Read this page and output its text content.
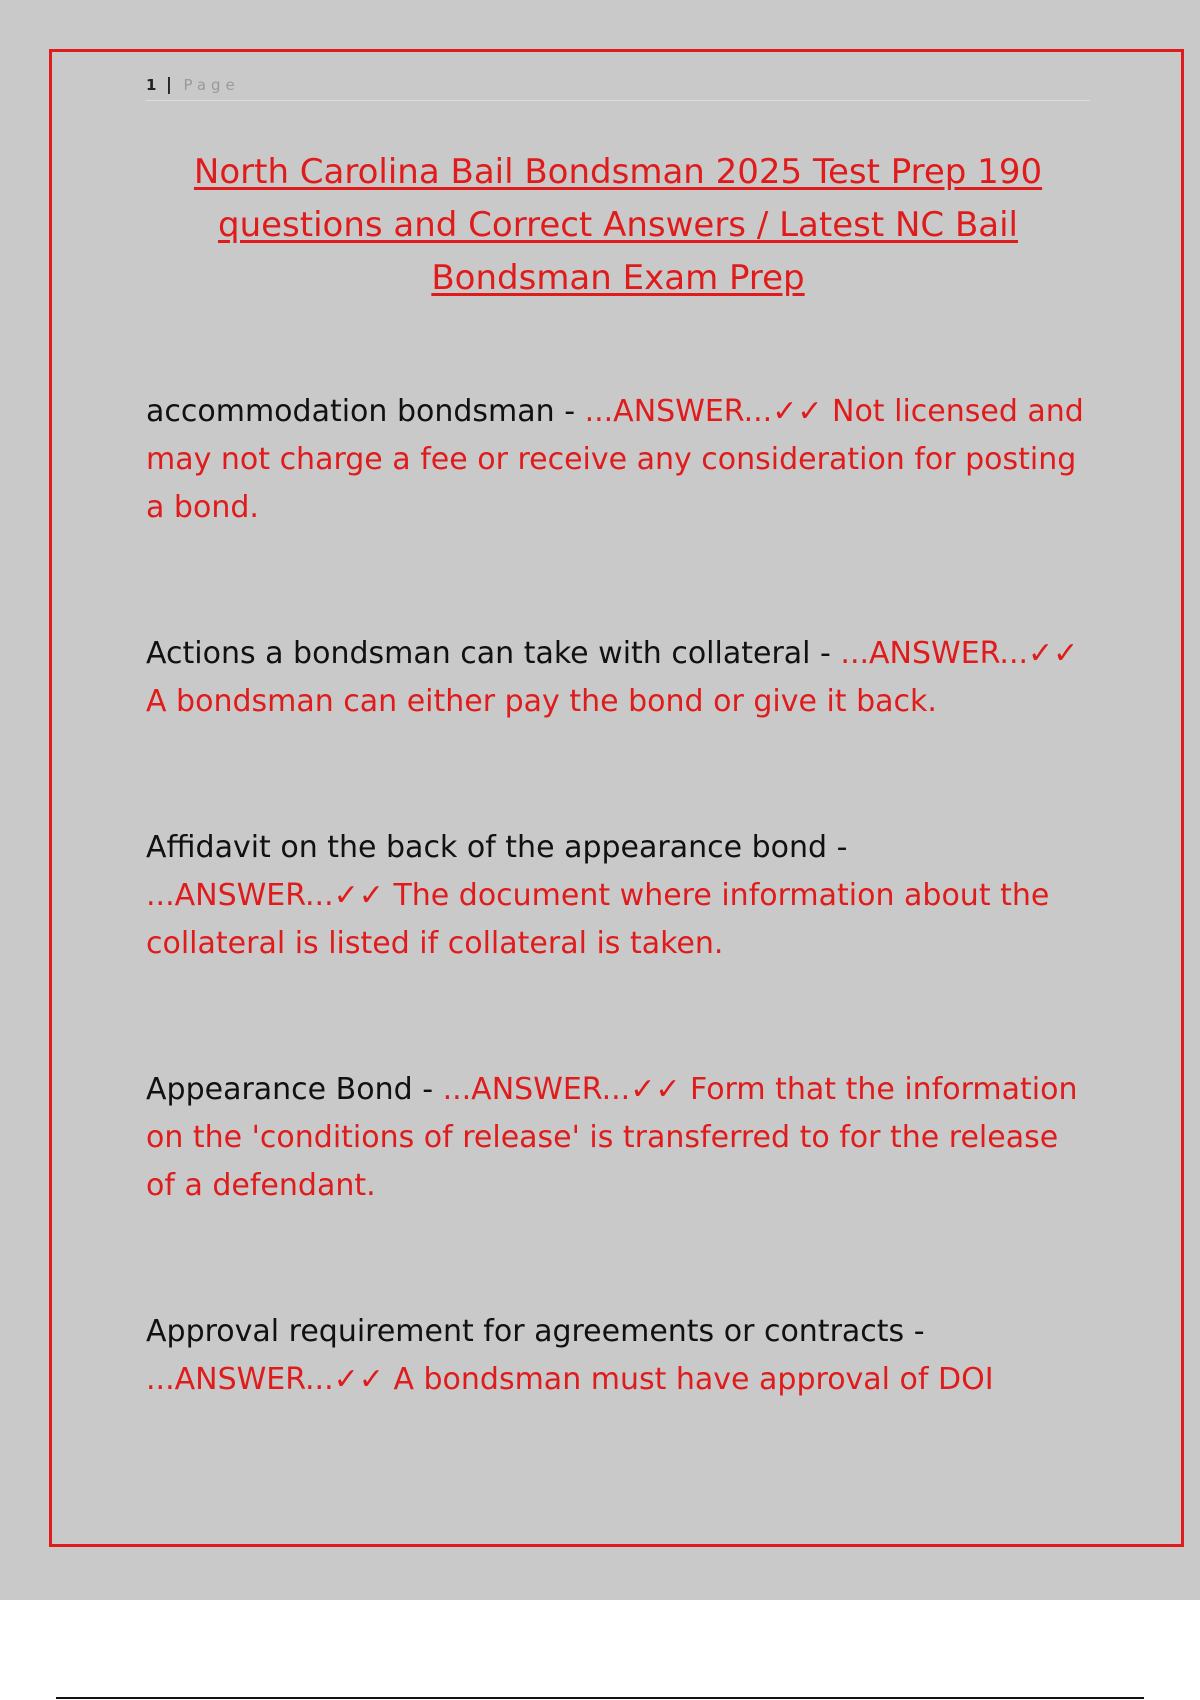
1 | Page
North Carolina Bail Bondsman 2025 Test Prep 190 questions and Correct Answers / Latest NC Bail Bondsman Exam Prep

accommodation bondsman - ...ANSWER...✓✓ Not licensed and may not charge a fee or receive any consideration for posting a bond.

Actions a bondsman can take with collateral - ...ANSWER...✓✓ A bondsman can either pay the bond or give it back.

Affidavit on the back of the appearance bond - ...ANSWER...✓✓ The document where information about the collateral is listed if collateral is taken.

Appearance Bond - ...ANSWER...✓✓ Form that the information on the 'conditions of release' is transferred to for the release of a defendant.

Approval requirement for agreements or contracts - ...ANSWER...✓✓ A bondsman must have approval of DOI
